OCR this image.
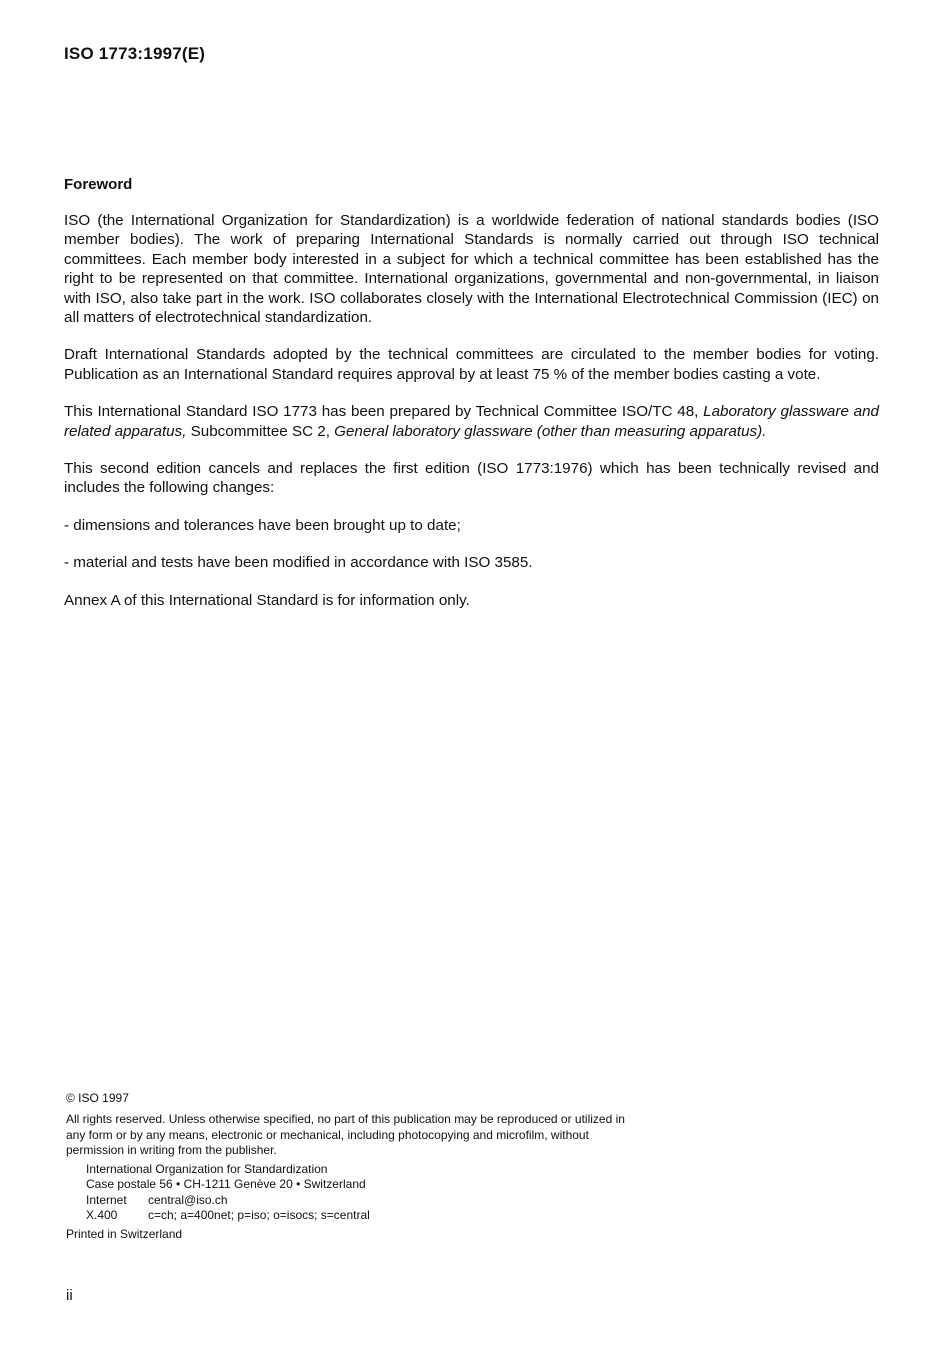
ISO 1773:1997(E)
Foreword

ISO (the International Organization for Standardization) is a worldwide federation of national standards bodies (ISO member bodies). The work of preparing International Standards is normally carried out through ISO technical committees. Each member body interested in a subject for which a technical committee has been established has the right to be represented on that committee. International organizations, governmental and non-governmental, in liaison with ISO, also take part in the work. ISO collaborates closely with the International Electrotechnical Commission (IEC) on all matters of electrotechnical standardization.

Draft International Standards adopted by the technical committees are circulated to the member bodies for voting. Publication as an International Standard requires approval by at least 75 % of the member bodies casting a vote.

This International Standard ISO 1773 has been prepared by Technical Committee ISO/TC 48, Laboratory glassware and related apparatus, Subcommittee SC 2, General laboratory glassware (other than measuring apparatus).

This second edition cancels and replaces the first edition (ISO 1773:1976) which has been technically revised and includes the following changes:

- dimensions and tolerances have been brought up to date;

- material and tests have been modified in accordance with ISO 3585.

Annex A of this International Standard is for information only.

© ISO 1997
All rights reserved. Unless otherwise specified, no part of this publication may be reproduced or utilized in any form or by any means, electronic or mechanical, including photocopying and microfilm, without permission in writing from the publisher.
International Organization for Standardization
Case postale 56 • CH-1211 Genève 20 • Switzerland
Internet central@iso.ch
X.400	c=ch; a=400net; p=iso; o=isocs; s=central
Printed in Switzerland
ii
